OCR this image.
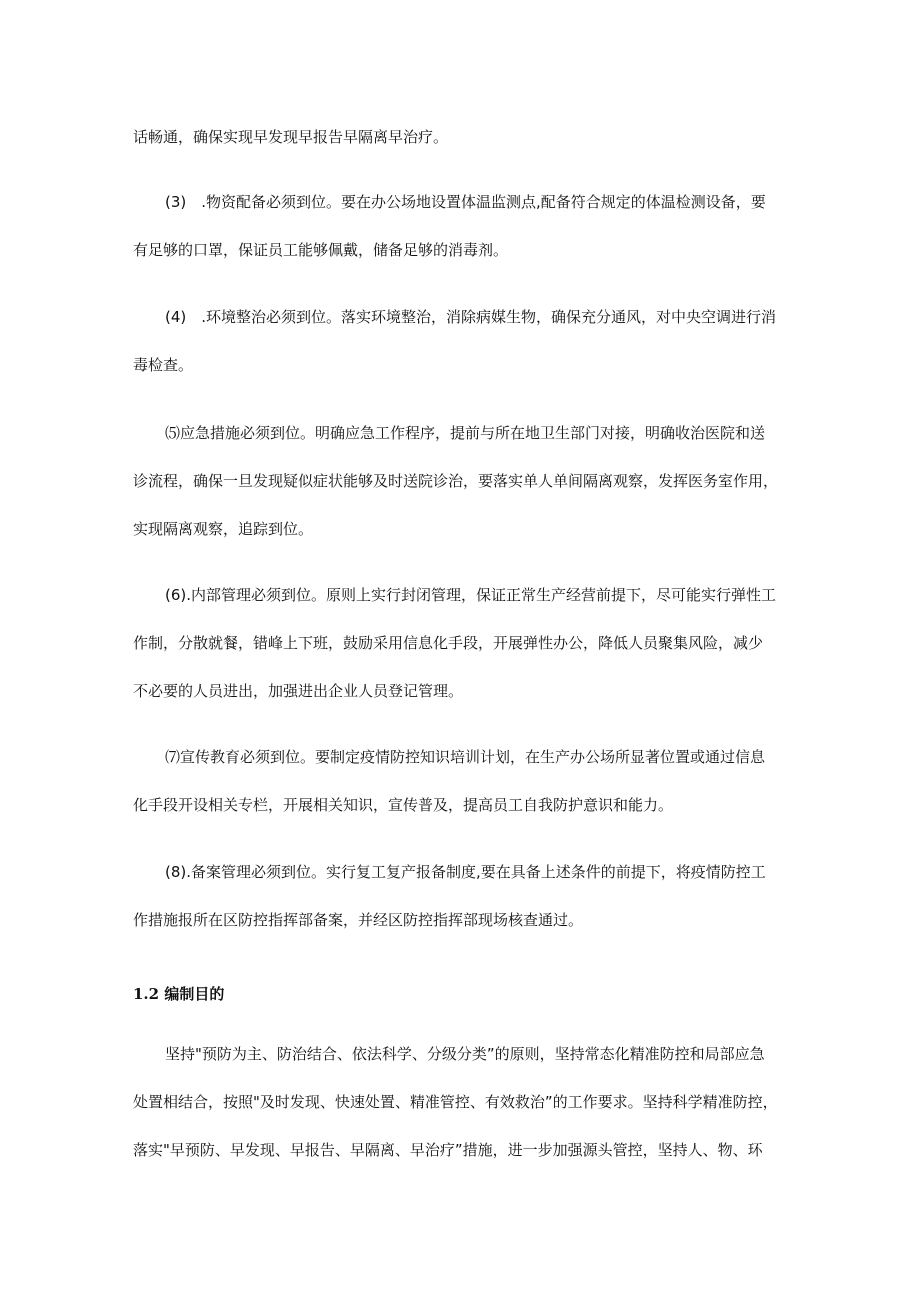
话畅通，确保实现早发现早报告早隔离早治疗。
(3)　.物资配备必须到位。要在办公场地设置体温监测点,配备符合规定的体温检测设备，要
有足够的口罩，保证员工能够佩戴，储备足够的消毒剂。
(4)　.环境整治必须到位。落实环境整治，消除病媒生物，确保充分通风，对中央空调进行消
毒检查。
⑸应急措施必须到位。明确应急工作程序，提前与所在地卫生部门对接，明确收治医院和送
诊流程，确保一旦发现疑似症状能够及时送院诊治，要落实单人单间隔离观察，发挥医务室作用，
实现隔离观察，追踪到位。
(6).内部管理必须到位。原则上实行封闭管理，保证正常生产经营前提下，尽可能实行弹性工
作制，分散就餐，错峰上下班，鼓励采用信息化手段，开展弹性办公，降低人员聚集风险，减少
不必要的人员进出，加强进出企业人员登记管理。
⑺宣传教育必须到位。要制定疫情防控知识培训计划，在生产办公场所显著位置或通过信息
化手段开设相关专栏，开展相关知识，宣传普及，提高员工自我防护意识和能力。
(8).备案管理必须到位。实行复工复产报备制度,要在具备上述条件的前提下，将疫情防控工
作措施报所在区防控指挥部备案，并经区防控指挥部现场核查通过。
1.2 编制目的
坚持"预防为主、防治结合、依法科学、分级分类”的原则，坚持常态化精准防控和局部应急
处置相结合，按照"及时发现、快速处置、精准管控、有效救治”的工作要求。坚持科学精准防控，
落实"早预防、早发现、早报告、早隔离、早治疗”措施，进一步加强源头管控，坚持人、物、环
